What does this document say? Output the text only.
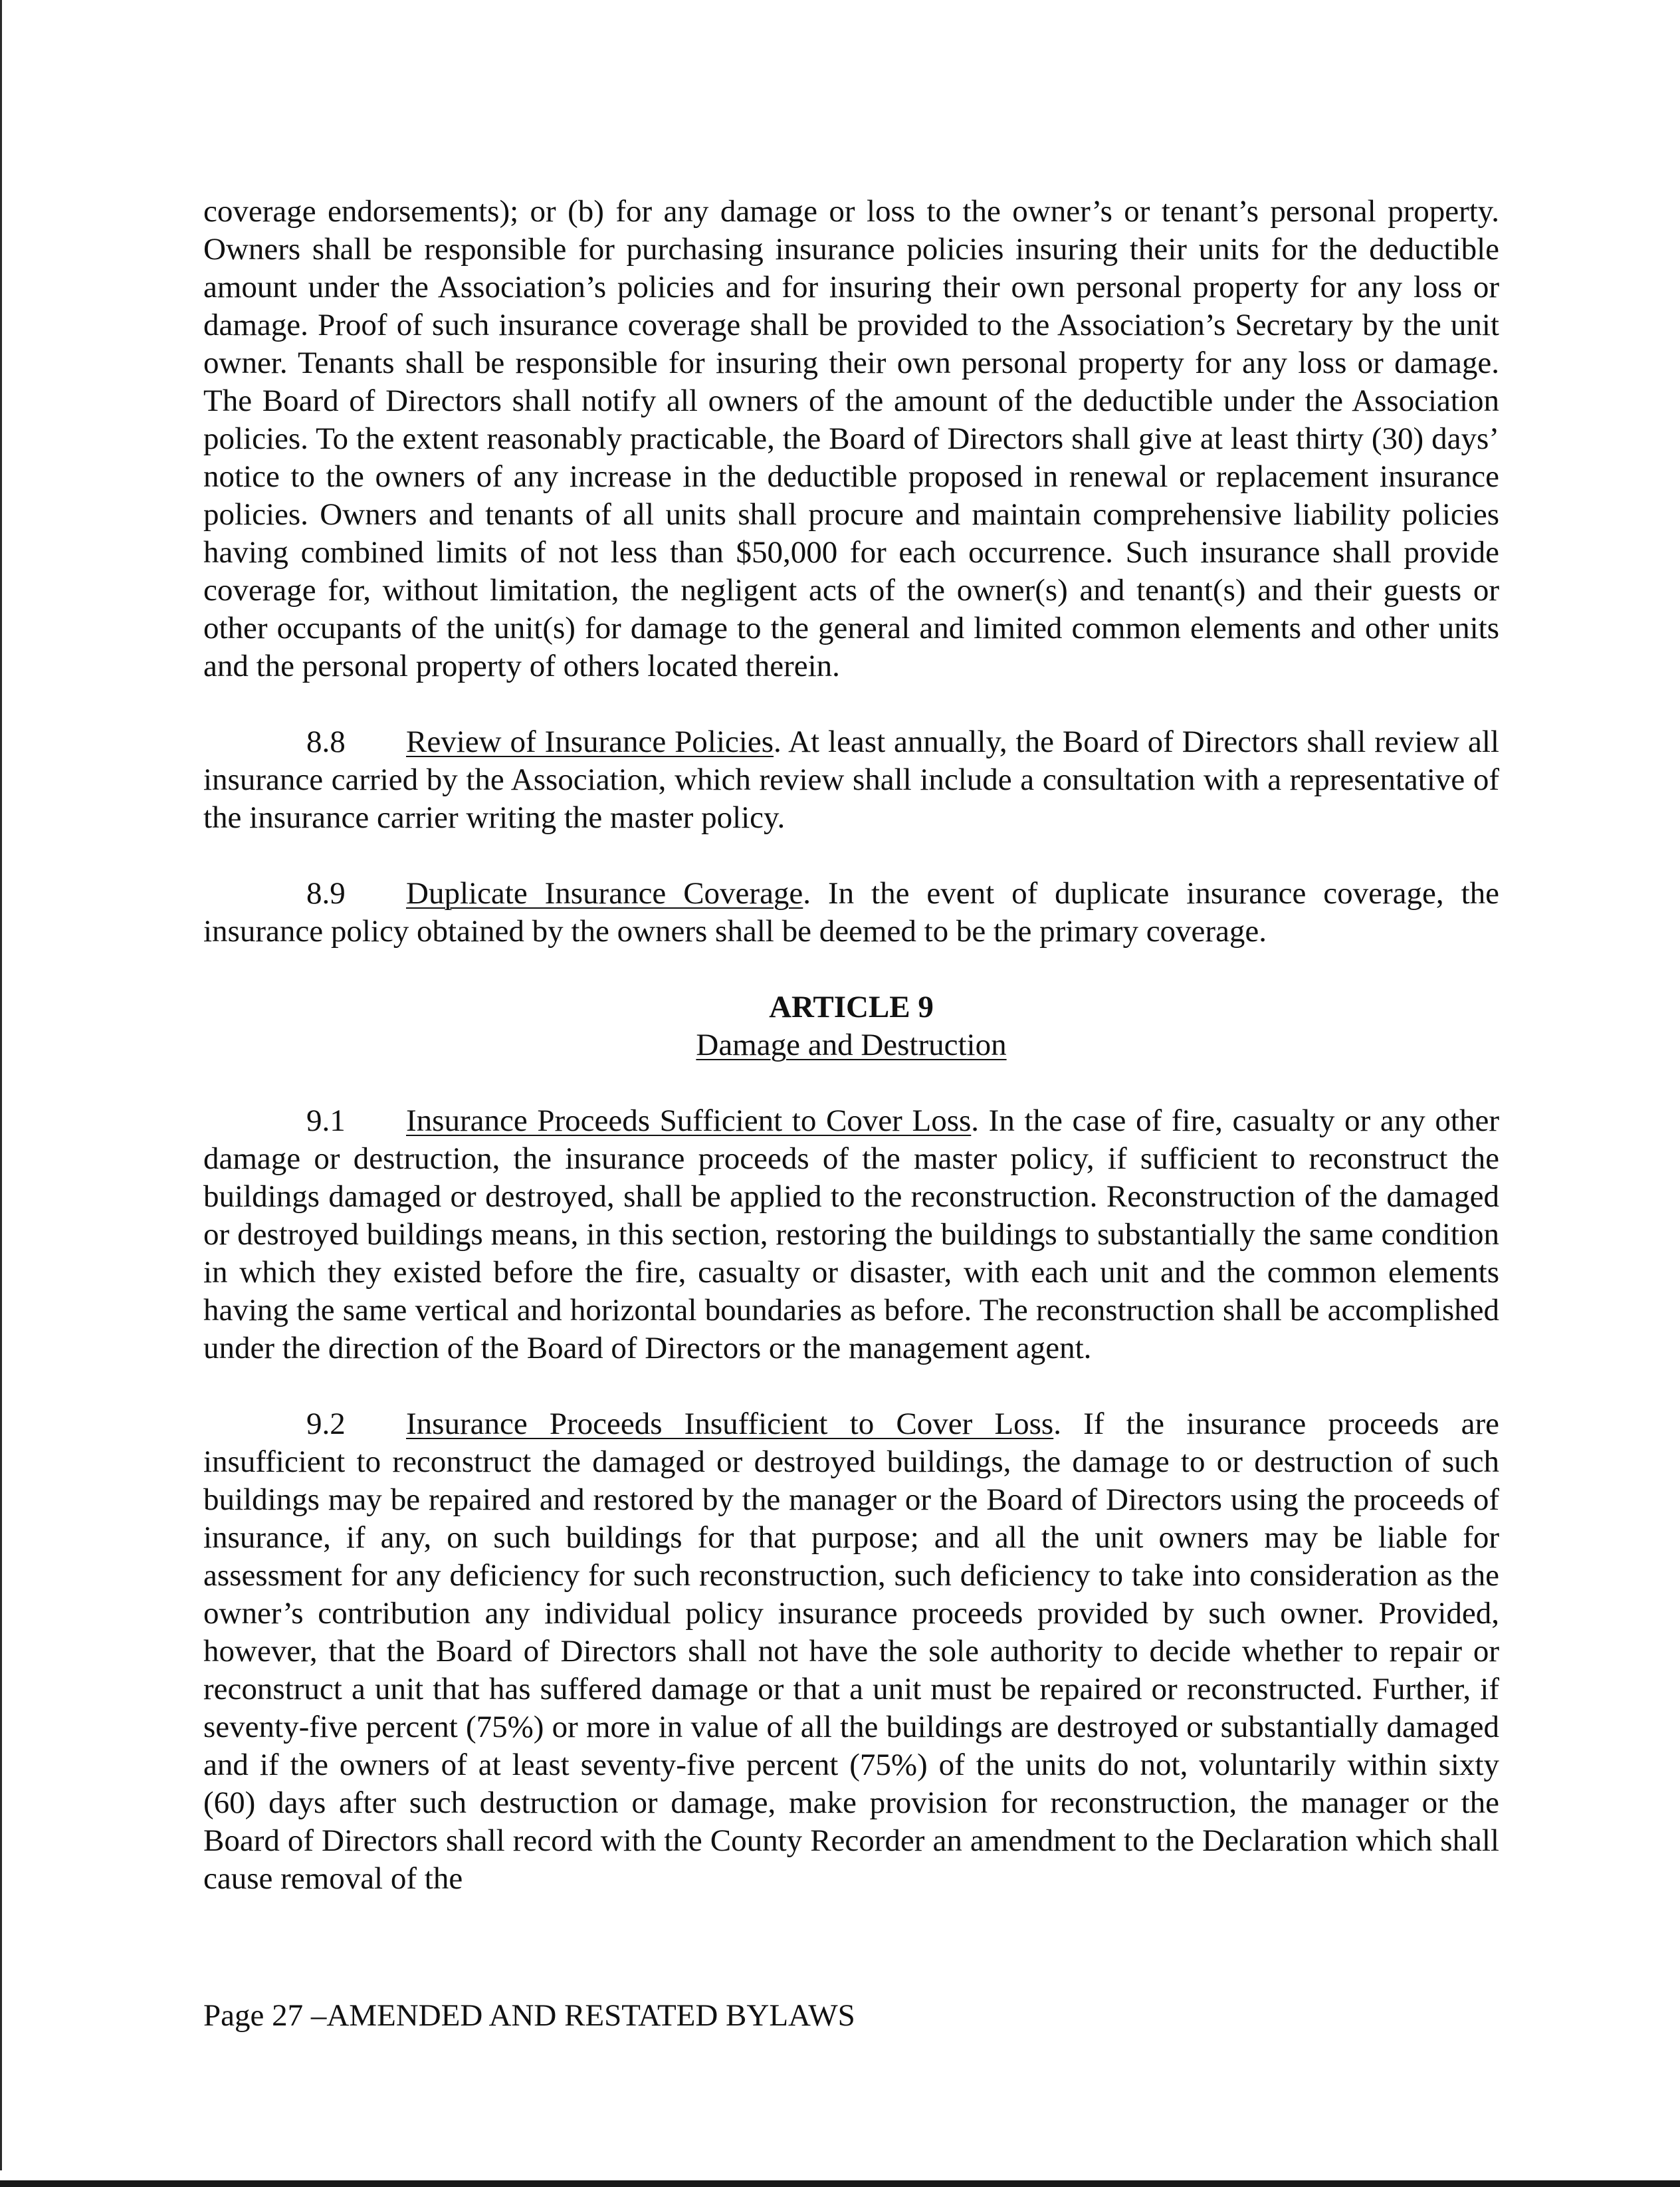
coverage endorsements); or (b) for any damage or loss to the owner’s or tenant’s personal property. Owners shall be responsible for purchasing insurance policies insuring their units for the deductible amount under the Association’s policies and for insuring their own personal property for any loss or damage. Proof of such insurance coverage shall be provided to the Association’s Secretary by the unit owner. Tenants shall be responsible for insuring their own personal property for any loss or damage. The Board of Directors shall notify all owners of the amount of the deductible under the Association policies. To the extent reasonably practicable, the Board of Directors shall give at least thirty (30) days’ notice to the owners of any increase in the deductible proposed in renewal or replacement insurance policies. Owners and tenants of all units shall procure and maintain comprehensive liability policies having combined limits of not less than $50,000 for each occurrence. Such insurance shall provide coverage for, without limitation, the negligent acts of the owner(s) and tenant(s) and their guests or other occupants of the unit(s) for damage to the general and limited common elements and other units and the personal property of others located therein.

8.8 Review of Insurance Policies. At least annually, the Board of Directors shall review all insurance carried by the Association, which review shall include a consultation with a representative of the insurance carrier writing the master policy.

8.9 Duplicate Insurance Coverage. In the event of duplicate insurance coverage, the insurance policy obtained by the owners shall be deemed to be the primary coverage.

ARTICLE 9

Damage and Destruction

9.1 Insurance Proceeds Sufficient to Cover Loss. In the case of fire, casualty or any other damage or destruction, the insurance proceeds of the master policy, if sufficient to reconstruct the buildings damaged or destroyed, shall be applied to the reconstruction. Reconstruction of the damaged or destroyed buildings means, in this section, restoring the buildings to substantially the same condition in which they existed before the fire, casualty or disaster, with each unit and the common elements having the same vertical and horizontal boundaries as before. The reconstruction shall be accomplished under the direction of the Board of Directors or the management agent.

9.2 Insurance Proceeds Insufficient to Cover Loss. If the insurance proceeds are insufficient to reconstruct the damaged or destroyed buildings, the damage to or destruction of such buildings may be repaired and restored by the manager or the Board of Directors using the proceeds of insurance, if any, on such buildings for that purpose; and all the unit owners may be liable for assessment for any deficiency for such reconstruction, such deficiency to take into consideration as the owner’s contribution any individual policy insurance proceeds provided by such owner. Provided, however, that the Board of Directors shall not have the sole authority to decide whether to repair or reconstruct a unit that has suffered damage or that a unit must be repaired or reconstructed. Further, if seventy-five percent (75%) or more in value of all the buildings are destroyed or substantially damaged and if the owners of at least seventy-five percent (75%) of the units do not, voluntarily within sixty (60) days after such destruction or damage, make provision for reconstruction, the manager or the Board of Directors shall record with the County Recorder an amendment to the Declaration which shall cause removal of the

Page 27 –AMENDED AND RESTATED BYLAWS
